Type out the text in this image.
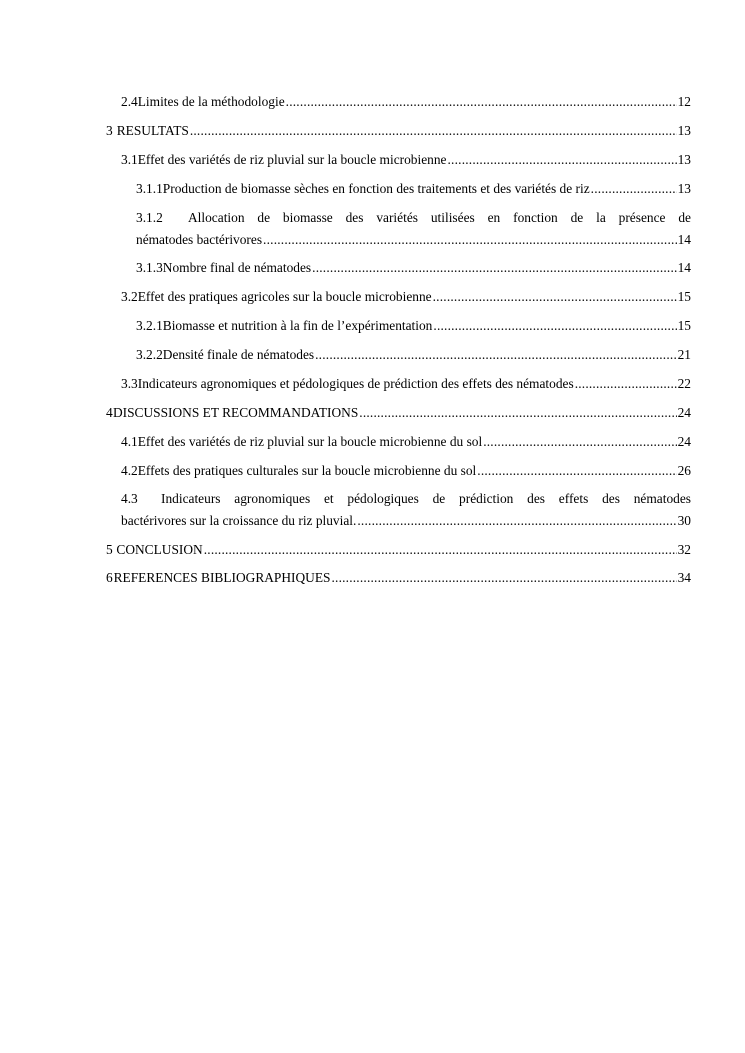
2.4 Limites de la méthodologie .....	12
3 RESULTATS .....	13
3.1 Effet des variétés de riz pluvial sur la boucle microbienne .....	13
3.1.1 Production de biomasse sèches en fonction des traitements et des variétés de riz .....	13
3.1.2	Allocation de biomasse des variétés utilisées en fonction de la présence de
nématodes bactérivores .....	14
3.1.3 Nombre final de nématodes .....	14
3.2 Effet des pratiques agricoles sur la boucle microbienne .....	15
3.2.1 Biomasse et nutrition à la fin de l’expérimentation .....	15
3.2.2 Densité finale de nématodes .....	21
3.3 Indicateurs agronomiques et pédologiques de prédiction des effets des nématodes .....	22
4 DISCUSSIONS ET RECOMMANDATIONS .....	24
4.1 Effet des variétés de riz pluvial sur la boucle microbienne du sol .....	24
4.2 Effets des pratiques culturales sur la boucle microbienne du sol .....	26
4.3	Indicateurs agronomiques et pédologiques de prédiction des effets des nématodes
bactérivores sur la croissance du riz pluvial. .....	30
5 CONCLUSION .....	32
6 REFERENCES BIBLIOGRAPHIQUES .....	34
